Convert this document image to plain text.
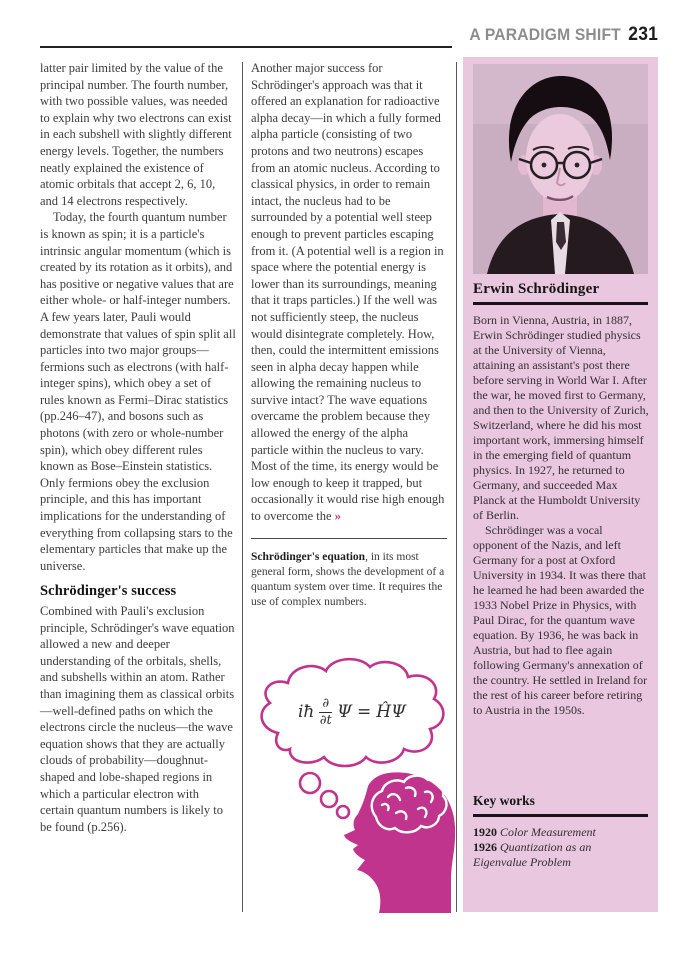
A PARADIGM SHIFT 231

latter pair limited by the value of the principal number. The fourth number, with two possible values, was needed to explain why two electrons can exist in each subshell with slightly different energy levels. Together, the numbers neatly explained the existence of atomic orbitals that accept 2, 6, 10, and 14 electrons respectively.

Today, the fourth quantum number is known as spin; it is a particle's intrinsic angular momentum (which is created by its rotation as it orbits), and has positive or negative values that are either whole- or half-integer numbers. A few years later, Pauli would demonstrate that values of spin split all particles into two major groups—fermions such as electrons (with half-integer spins), which obey a set of rules known as Fermi–Dirac statistics (pp.246–47), and bosons such as photons (with zero or whole-number spin), which obey different rules known as Bose–Einstein statistics. Only fermions obey the exclusion principle, and this has important implications for the understanding of everything from collapsing stars to the elementary particles that make up the universe.

Schrödinger's success

Combined with Pauli's exclusion principle, Schrödinger's wave equation allowed a new and deeper understanding of the orbitals, shells, and subshells within an atom. Rather than imagining them as classical orbits—well-defined paths on which the electrons circle the nucleus—the wave equation shows that they are actually clouds of probability—doughnut-shaped and lobe-shaped regions in which a particular electron with certain quantum numbers is likely to be found (p.256).

Another major success for Schrödinger's approach was that it offered an explanation for radioactive alpha decay—in which a fully formed alpha particle (consisting of two protons and two neutrons) escapes from an atomic nucleus. According to classical physics, in order to remain intact, the nucleus had to be surrounded by a potential well steep enough to prevent particles escaping from it. (A potential well is a region in space where the potential energy is lower than its surroundings, meaning that it traps particles.) If the well was not sufficiently steep, the nucleus would disintegrate completely. How, then, could the intermittent emissions seen in alpha decay happen while allowing the remaining nucleus to survive intact? The wave equations overcame the problem because they allowed the energy of the alpha particle within the nucleus to vary. Most of the time, its energy would be low enough to keep it trapped, but occasionally it would rise high enough to overcome the »

Schrödinger's equation, in its most general form, shows the development of a quantum system over time. It requires the use of complex numbers.

iħ $\frac{\partial}{\partial t}$ Ψ = ĤΨ
Erwin Schrödinger

Born in Vienna, Austria, in 1887, Erwin Schrödinger studied physics at the University of Vienna, attaining an assistant's post there before serving in World War I. After the war, he moved first to Germany, and then to the University of Zurich, Switzerland, where he did his most important work, immersing himself in the emerging field of quantum physics. In 1927, he returned to Germany, and succeeded Max Planck at the Humboldt University of Berlin.

Schrödinger was a vocal opponent of the Nazis, and left Germany for a post at Oxford University in 1934. It was there that he learned he had been awarded the 1933 Nobel Prize in Physics, with Paul Dirac, for the quantum wave equation. By 1936, he was back in Austria, but had to flee again following Germany's annexation of the country. He settled in Ireland for the rest of his career before retiring to Austria in the 1950s.

Key works
1920 Color Measurement
1926 Quantization as an Eigenvalue Problem
